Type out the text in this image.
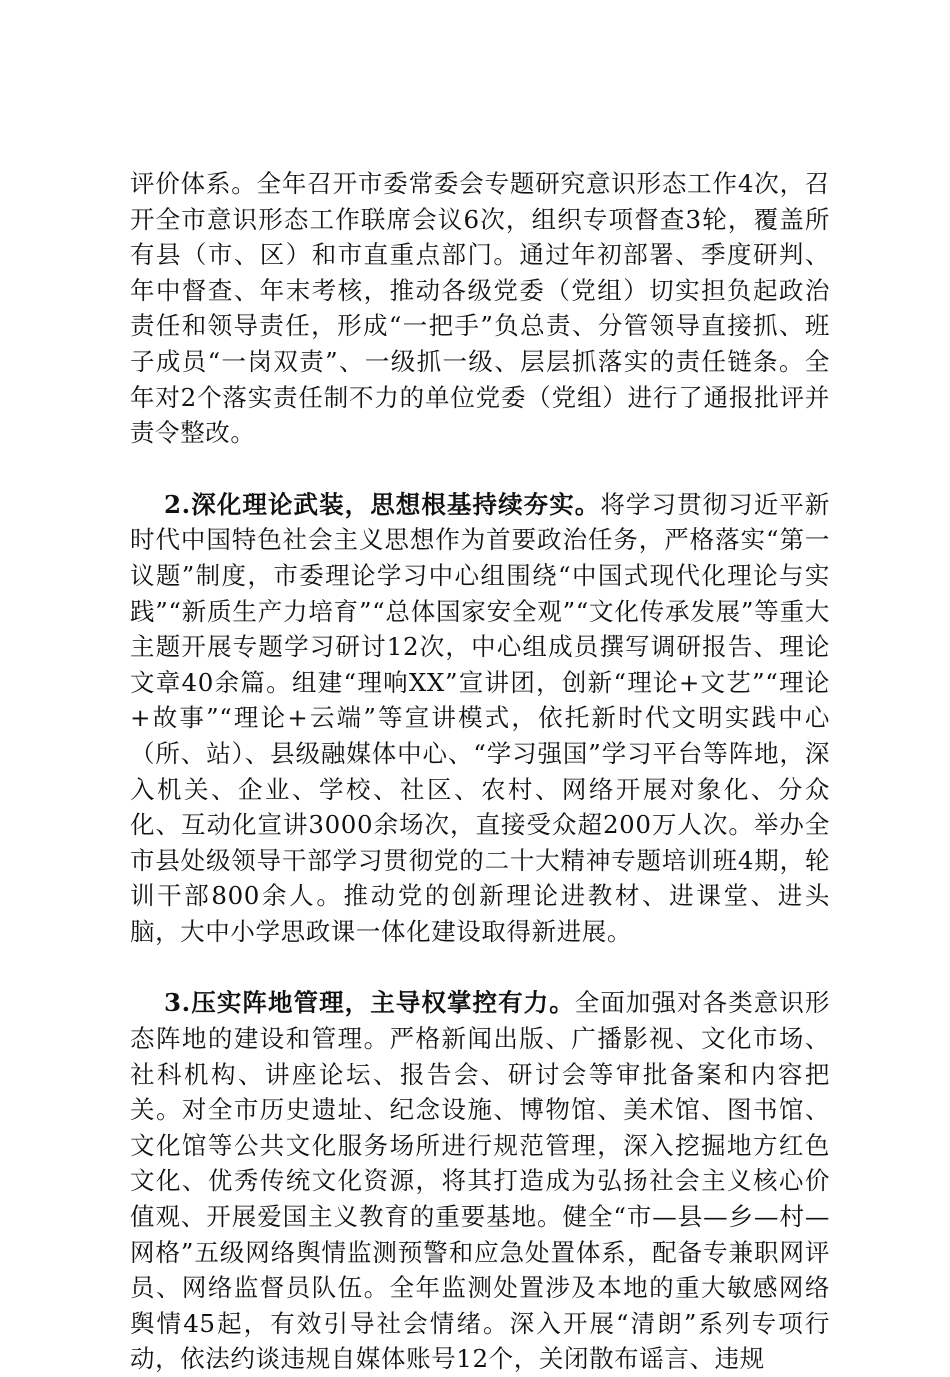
评价体系。全年召开市委常委会专题研究意识形态工作4次，召开全市意识形态工作联席会议6次，组织专项督查3轮，覆盖所有县（市、区）和市直重点部门。通过年初部署、季度研判、年中督查、年末考核，推动各级党委（党组）切实担负起政治责任和领导责任，形成“一把手”负总责、分管领导直接抓、班子成员“一岗双责”、一级抓一级、层层抓落实的责任链条。全年对2个落实责任制不力的单位党委（党组）进行了通报批评并责令整改。

2.深化理论武装，思想根基持续夯实。将学习贯彻习近平新时代中国特色社会主义思想作为首要政治任务，严格落实“第一议题”制度，市委理论学习中心组围绕“中国式现代化理论与实践”“新质生产力培育”“总体国家安全观”“文化传承发展”等重大主题开展专题学习研讨12次，中心组成员撰写调研报告、理论文章40余篇。组建“理响XX”宣讲团，创新“理论+文艺”“理论+故事”“理论+云端”等宣讲模式，依托新时代文明实践中心（所、站）、县级融媒体中心、“学习强国”学习平台等阵地，深入机关、企业、学校、社区、农村、网络开展对象化、分众化、互动化宣讲3000余场次，直接受众超200万人次。举办全市县处级领导干部学习贯彻党的二十大精神专题培训班4期，轮训干部800余人。推动党的创新理论进教材、进课堂、进头脑，大中小学思政课一体化建设取得新进展。

3.压实阵地管理，主导权掌控有力。全面加强对各类意识形态阵地的建设和管理。严格新闻出版、广播影视、文化市场、社科机构、讲座论坛、报告会、研讨会等审批备案和内容把关。对全市历史遗址、纪念设施、博物馆、美术馆、图书馆、文化馆等公共文化服务场所进行规范管理，深入挖掘地方红色文化、优秀传统文化资源，将其打造成为弘扬社会主义核心价值观、开展爱国主义教育的重要基地。健全“市—县—乡—村—网格”五级网络舆情监测预警和应急处置体系，配备专兼职网评员、网络监督员队伍。全年监测处置涉及本地的重大敏感网络舆情45起，有效引导社会情绪。深入开展“清朗”系列专项行动，依法约谈违规自媒体账号12个，关闭散布谣言、违规
